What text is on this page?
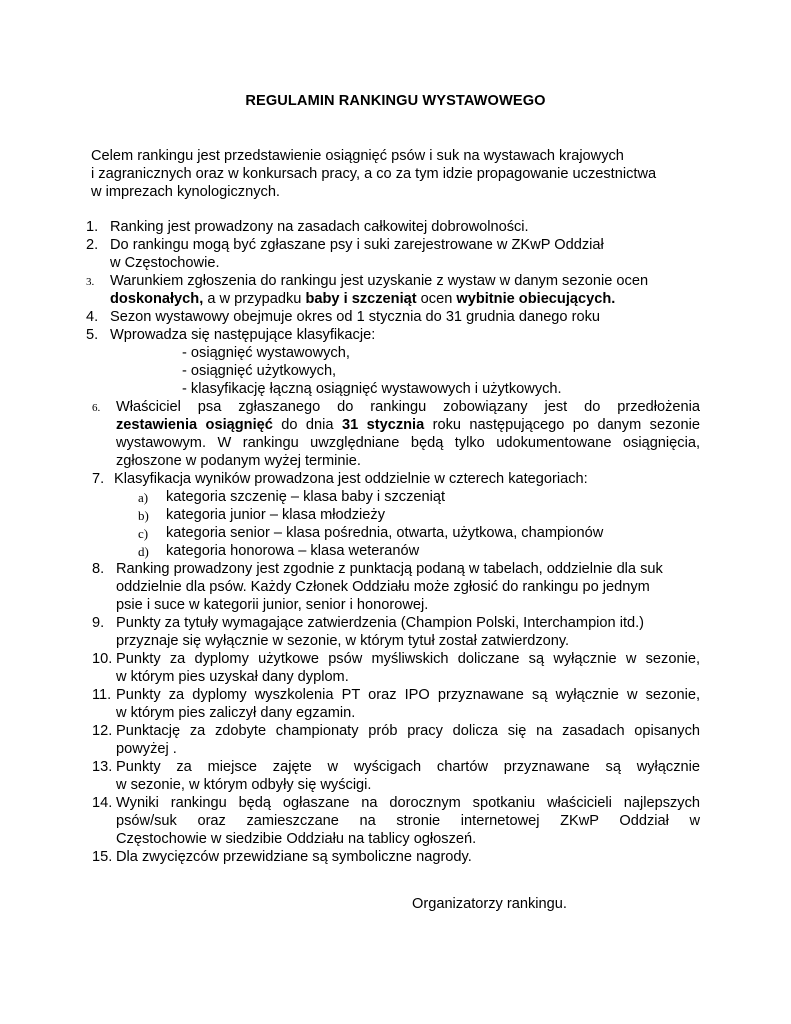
REGULAMIN RANKINGU WYSTAWOWEGO
Celem rankingu jest przedstawienie osiągnięć psów i suk na wystawach krajowych
i zagranicznych oraz w konkursach pracy, a co za tym idzie propagowanie uczestnictwa
w imprezach kynologicznych.
1. Ranking jest prowadzony na zasadach całkowitej dobrowolności.
2. Do rankingu mogą być zgłaszane psy i suki zarejestrowane w ZKwP Oddział
w Częstochowie.
3. Warunkiem zgłoszenia do rankingu jest uzyskanie z wystaw w danym sezonie ocen
doskonałych, a w przypadku baby i szczeniąt ocen wybitnie obiecujących.
4. Sezon wystawowy obejmuje okres od 1 stycznia do 31 grudnia danego roku
5. Wprowadza się następujące klasyfikacje:
- osiągnięć wystawowych,
- osiągnięć użytkowych,
- klasyfikację łączną osiągnięć wystawowych i użytkowych.
6.	Właściciel psa zgłaszanego do rankingu zobowiązany jest do przedłożenia
zestawienia osiągnięć do dnia 31 stycznia roku następującego po danym sezonie
wystawowym. W rankingu uwzględniane będą tylko udokumentowane osiągnięcia,
zgłoszone w podanym wyżej terminie.
7. Klasyfikacja wyników prowadzona jest oddzielnie w czterech kategoriach:
a) kategoria szczenię – klasa baby i szczeniąt
b) kategoria junior – klasa młodzieży
c) kategoria senior – klasa pośrednia, otwarta, użytkowa, championów
d) kategoria honorowa – klasa weteranów
8. Ranking prowadzony jest zgodnie z punktacją podaną w tabelach, oddzielnie dla suk
oddzielnie dla psów. Każdy Członek Oddziału może zgłosić do rankingu po jednym
psie i suce w kategorii junior, senior i honorowej.
9. Punkty za tytuły wymagające zatwierdzenia (Champion Polski, Interchampion itd.)
przyznaje się wyłącznie w sezonie, w którym tytuł został zatwierdzony.
10. Punkty za dyplomy użytkowe psów myśliwskich doliczane są wyłącznie w sezonie,
w którym pies uzyskał dany dyplom.
11. Punkty za dyplomy wyszkolenia PT oraz IPO przyznawane są wyłącznie w sezonie,
w którym pies zaliczył dany egzamin.
12. Punktację za zdobyte championaty prób pracy dolicza się na zasadach opisanych
powyżej .
13. Punkty za miejsce zajęte w wyścigach chartów przyznawane są wyłącznie
w sezonie, w którym odbyły się wyścigi.
14. Wyniki rankingu będą ogłaszane na dorocznym spotkaniu właścicieli najlepszych
psów/suk oraz zamieszczane na stronie internetowej ZKwP Oddział w
Częstochowie w siedzibie Oddziału na tablicy ogłoszeń.
15. Dla zwycięzców przewidziane są symboliczne nagrody.
Organizatorzy rankingu.
